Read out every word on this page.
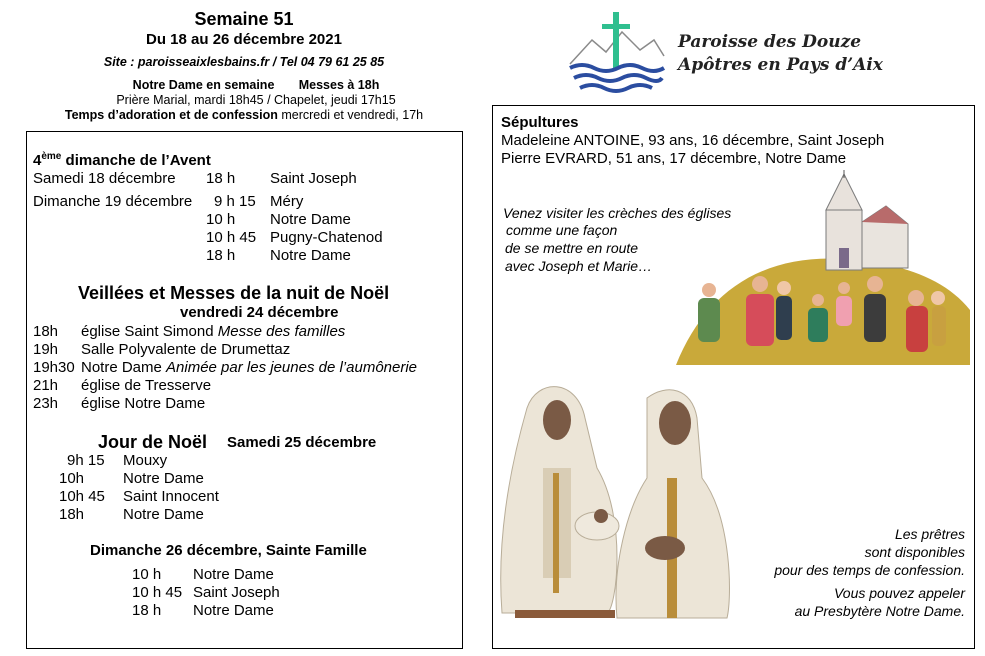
Semaine 51
Du 18 au 26 décembre 2021
Site : paroisseaixlesbains.fr / Tel 04 79 61 25 85
Notre Dame en semaine Messes à 18h
Prière Marial, mardi 18h45 / Chapelet, jeudi 17h15
Temps d’adoration et de confession mercredi et vendredi, 17h
Paroisse des Douze
Apôtres en Pays d’Aix
4ème dimanche de l’Avent
Samedi 18 décembre 18 h Saint Joseph
Dimanche 19 décembre 9 h 15 Méry
10 h Notre Dame
10 h 45 Pugny-Chatenod
18 h Notre Dame
Veillées et Messes de la nuit de Noël
vendredi 24 décembre
18h église Saint Simond Messe des familles
19h Salle Polyvalente de Drumettaz
19h30 Notre Dame Animée par les jeunes de l’aumônerie
21h église de Tresserve
23h église Notre Dame
Jour de Noël Samedi 25 décembre
9h 15 Mouxy
10h	Notre Dame
10h 45 Saint Innocent
18h	Notre Dame
Dimanche 26 décembre, Sainte Famille
10 h Notre Dame
10 h 45 Saint Joseph
18 h Notre Dame
Sépultures
Madeleine ANTOINE, 93 ans, 16 décembre, Saint Joseph
Pierre EVRARD, 51 ans, 17 décembre, Notre Dame
Venez visiter les crèches des églises
comme une façon
de se mettre en route
avec Joseph et Marie…
Les prêtres
sont disponibles
pour des temps de confession.
Vous pouvez appeler
au Presbytère Notre Dame.
